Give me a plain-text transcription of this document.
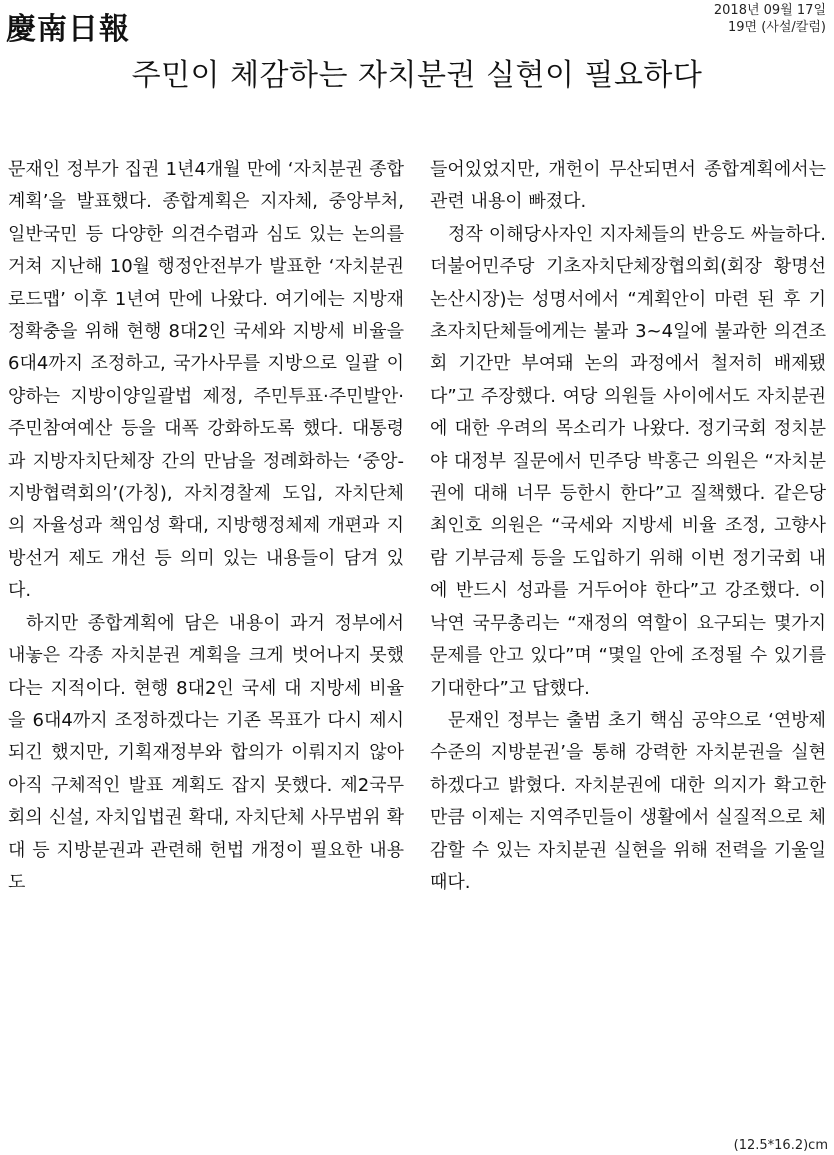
慶南日報
2018년 09월 17일
19면 (사설/칼럼)
주민이 체감하는 자치분권 실현이 필요하다

문재인 정부가 집권 1년4개월 만에 ‘자치분권 종합계획’을 발표했다. 종합계획은 지자체, 중앙부처, 일반국민 등 다양한 의견수렴과 심도 있는 논의를 거쳐 지난해 10월 행정안전부가 발표한 ‘자치분권 로드맵’ 이후 1년여 만에 나왔다. 여기에는 지방재정확충을 위해 현행 8대2인 국세와 지방세 비율을 6대4까지 조정하고, 국가사무를 지방으로 일괄 이양하는 지방이양일괄법 제정, 주민투표·주민발안·주민참여예산 등을 대폭 강화하도록 했다. 대통령과 지방자치단체장 간의 만남을 정례화하는 ‘중앙-지방협력회의’(가칭), 자치경찰제 도입, 자치단체의 자율성과 책임성 확대, 지방행정체제 개편과 지방선거 제도 개선 등 의미 있는 내용들이 담겨 있다.

하지만 종합계획에 담은 내용이 과거 정부에서 내놓은 각종 자치분권 계획을 크게 벗어나지 못했다는 지적이다. 현행 8대2인 국세 대 지방세 비율을 6대4까지 조정하겠다는 기존 목표가 다시 제시되긴 했지만, 기획재정부와 합의가 이뤄지지 않아 아직 구체적인 발표 계획도 잡지 못했다. 제2국무회의 신설, 자치입법권 확대, 자치단체 사무범위 확대 등 지방분권과 관련해 헌법 개정이 필요한 내용도

들어있었지만, 개헌이 무산되면서 종합계획에서는 관련 내용이 빠졌다.

정작 이해당사자인 지자체들의 반응도 싸늘하다. 더불어민주당 기초자치단체장협의회(회장 황명선 논산시장)는 성명서에서 “계획안이 마련 된 후 기초자치단체들에게는 불과 3~4일에 불과한 의견조회 기간만 부여돼 논의 과정에서 철저히 배제됐다”고 주장했다. 여당 의원들 사이에서도 자치분권에 대한 우려의 목소리가 나왔다. 정기국회 정치분야 대정부 질문에서 민주당 박홍근 의원은 “자치분권에 대해 너무 등한시 한다”고 질책했다. 같은당 최인호 의원은 “국세와 지방세 비율 조정, 고향사람 기부금제 등을 도입하기 위해 이번 정기국회 내에 반드시 성과를 거두어야 한다”고 강조했다. 이낙연 국무총리는 “재정의 역할이 요구되는 몇가지 문제를 안고 있다”며 “몇일 안에 조정될 수 있기를 기대한다”고 답했다.

문재인 정부는 출범 초기 핵심 공약으로 ‘연방제 수준의 지방분권’을 통해 강력한 자치분권을 실현하겠다고 밝혔다. 자치분권에 대한 의지가 확고한 만큼 이제는 지역주민들이 생활에서 실질적으로 체감할 수 있는 자치분권 실현을 위해 전력을 기울일 때다.

(12.5*16.2)cm
